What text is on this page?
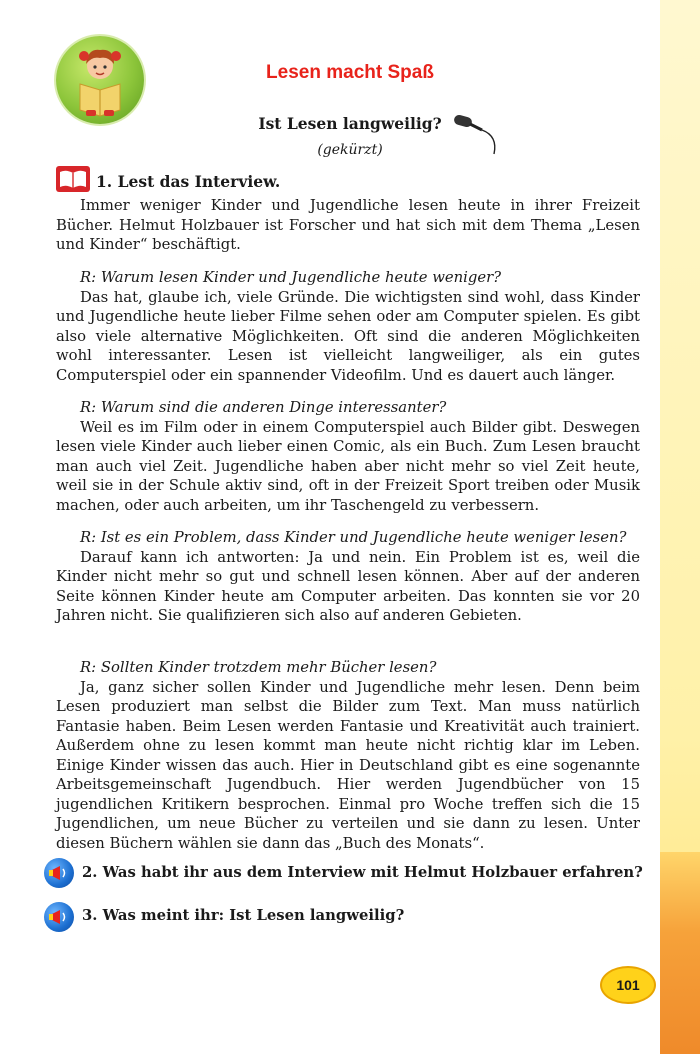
Lesen macht Spaß
Ist Lesen langweilig?
(gekürzt)
1. Lest das Interview.

Immer weniger Kinder und Jugendliche lesen heute in ihrer Freizeit Bücher. Helmut Holzbauer ist Forscher und hat sich mit dem Thema „Lesen und Kinder“ beschäftigt.

R: Warum lesen Kinder und Jugendliche heute weniger?

Das hat, glaube ich, viele Gründe. Die wichtigsten sind wohl, dass Kinder und Jugendliche heute lieber Filme sehen oder am Computer spielen. Es gibt also viele alternative Möglichkeiten. Oft sind die anderen Möglichkeiten wohl interessanter. Lesen ist vielleicht langweiliger, als ein gutes Computerspiel oder ein spannender Videofilm. Und es dauert auch länger.

R: Warum sind die anderen Dinge interessanter?

Weil es im Film oder in einem Computerspiel auch Bilder gibt. Deswegen lesen viele Kinder auch lieber einen Comic, als ein Buch. Zum Lesen braucht man auch viel Zeit. Jugendliche haben aber nicht mehr so viel Zeit heute, weil sie in der Schule aktiv sind, oft in der Freizeit Sport treiben oder Musik machen, oder auch arbeiten, um ihr Taschengeld zu verbessern.

R: Ist es ein Problem, dass Kinder und Jugendliche heute weniger lesen?

Darauf kann ich antworten: Ja und nein. Ein Problem ist es, weil die Kinder nicht mehr so gut und schnell lesen können. Aber auf der anderen Seite können Kinder heute am Computer arbeiten. Das konnten sie vor 20 Jahren nicht. Sie qualifizieren sich also auf anderen Gebieten.

R: Sollten Kinder trotzdem mehr Bücher lesen?

Ja, ganz sicher sollen Kinder und Jugendliche mehr lesen. Denn beim Lesen produziert man selbst die Bilder zum Text. Man muss natürlich Fantasie haben. Beim Lesen werden Fantasie und Kreativität auch trainiert. Außerdem ohne zu lesen kommt man heute nicht richtig klar im Leben. Einige Kinder wissen das auch. Hier in Deutschland gibt es eine sogenannte Arbeitsgemeinschaft Jugendbuch. Hier werden Jugendbücher von 15 jugendlichen Kritikern besprochen. Einmal pro Woche treffen sich die 15 Jugendlichen, um neue Bücher zu verteilen und sie dann zu lesen. Unter diesen Büchern wählen sie dann das „Buch des Monats“.

2. Was habt ihr aus dem Interview mit Helmut Holzbauer erfahren?
3. Was meint ihr: Ist Lesen langweilig?
101
